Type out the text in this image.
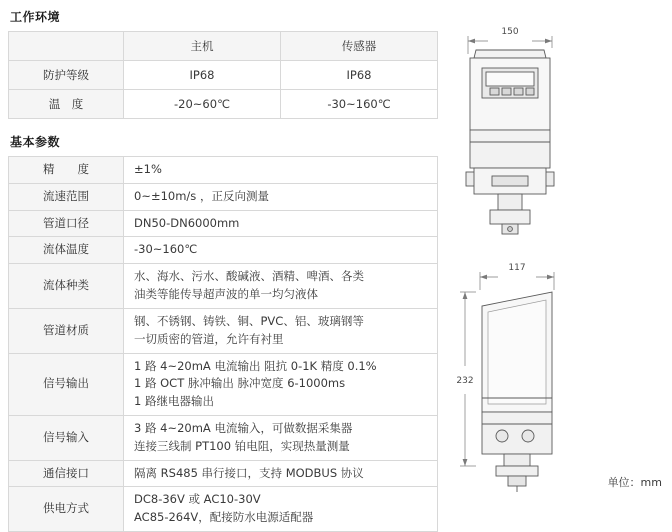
工作环境
	主机	传感器
防护等级	IP68	IP68
温　度	-20~60℃	-30~160℃
基本参数
精　　度	±1%

流速范围	0~±10m/s ，正反向测量

管道口径	DN50-DN6000mm

流体温度	-30~160℃

流体种类	水、海水、污水、酸碱液、酒精、啤酒、各类
油类等能传导超声波的单一均匀液体

管道材质	钢、不锈钢、铸铁、铜、PVC、铝、玻璃钢等
一切质密的管道，允许有衬里

信号输出	1 路 4~20mA 电流输出 阻抗 0-1K 精度 0.1%
1 路 OCT 脉冲输出 脉冲宽度 6-1000ms
1 路继电器输出

信号输入	3 路 4~20mA 电流输入，可做数据采集器
连接三线制 PT100 铂电阻，实现热量测量

通信接口	隔离 RS485 串行接口，支持 MODBUS 协议

供电方式	DC8-36V 或 AC10-30V
AC85-264V，配接防水电源适配器
150
117
232
单位：mm
